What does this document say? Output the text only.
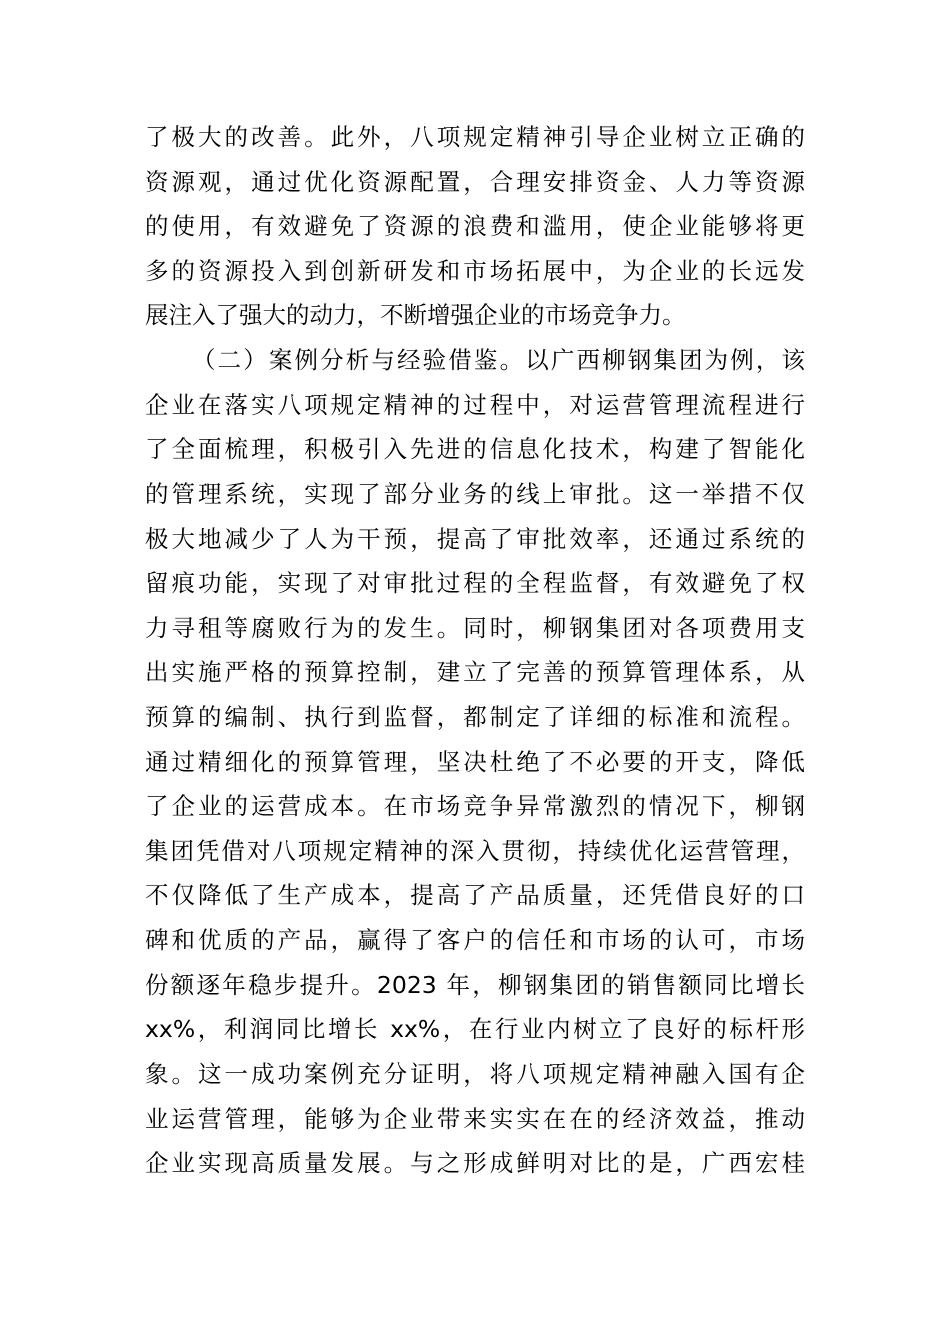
了极大的改善。此外，八项规定精神引导企业树立正确的
资源观，通过优化资源配置，合理安排资金、人力等资源
的使用，有效避免了资源的浪费和滥用，使企业能够将更
多的资源投入到创新研发和市场拓展中，为企业的长远发
展注入了强大的动力，不断增强企业的市场竞争力。
（二）案例分析与经验借鉴。以广西柳钢集团为例，该
企业在落实八项规定精神的过程中，对运营管理流程进行
了全面梳理，积极引入先进的信息化技术，构建了智能化
的管理系统，实现了部分业务的线上审批。这一举措不仅
极大地减少了人为干预，提高了审批效率，还通过系统的
留痕功能，实现了对审批过程的全程监督，有效避免了权
力寻租等腐败行为的发生。同时，柳钢集团对各项费用支
出实施严格的预算控制，建立了完善的预算管理体系，从
预算的编制、执行到监督，都制定了详细的标准和流程。
通过精细化的预算管理，坚决杜绝了不必要的开支，降低
了企业的运营成本。在市场竞争异常激烈的情况下，柳钢
集团凭借对八项规定精神的深入贯彻，持续优化运营管理，
不仅降低了生产成本，提高了产品质量，还凭借良好的口
碑和优质的产品，赢得了客户的信任和市场的认可，市场
份额逐年稳步提升。2023 年，柳钢集团的销售额同比增长
xx%，利润同比增长 xx%，在行业内树立了良好的标杆形
象。这一成功案例充分证明，将八项规定精神融入国有企
业运营管理，能够为企业带来实实在在的经济效益，推动
企业实现高质量发展。与之形成鲜明对比的是，广西宏桂
